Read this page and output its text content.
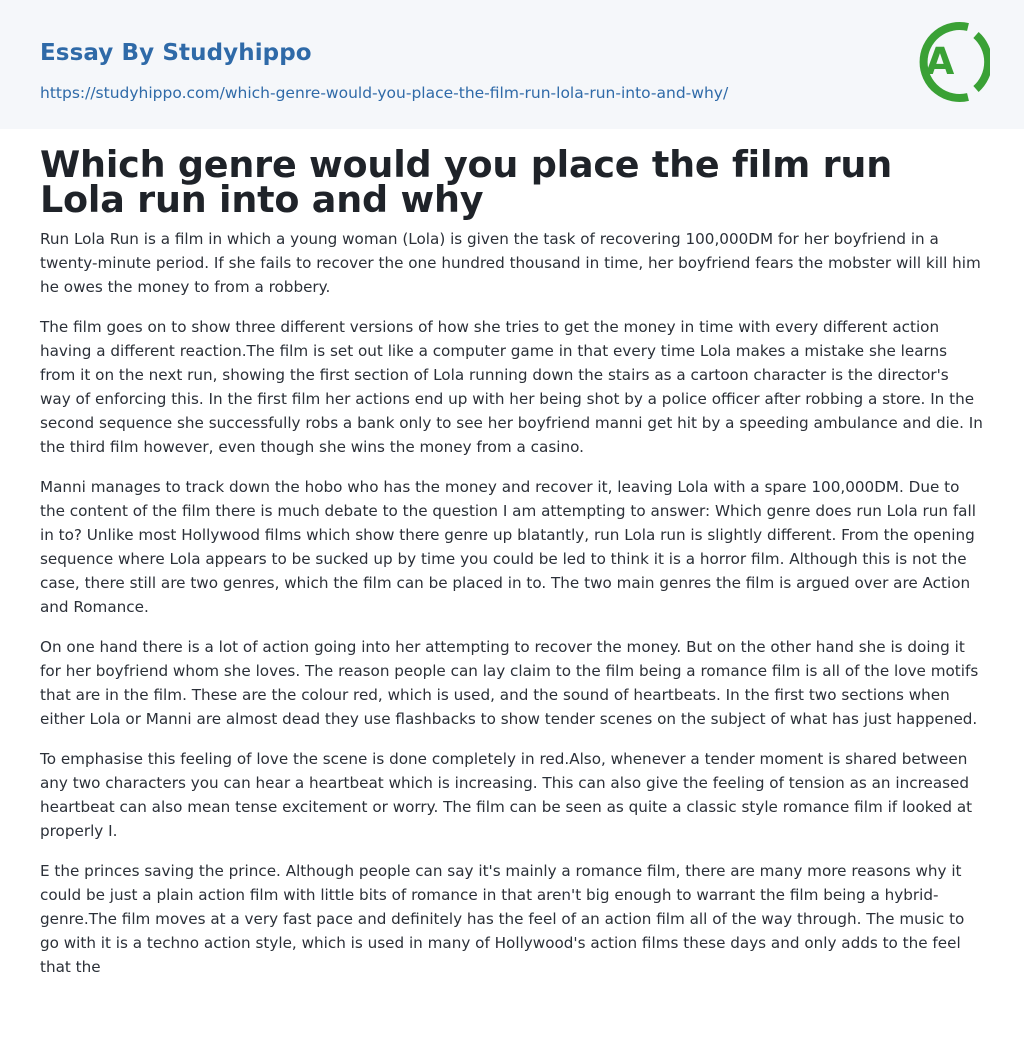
Essay By Studyhippo
https://studyhippo.com/which-genre-would-you-place-the-film-run-lola-run-into-and-why/
A
Which genre would you place the film run Lola run into and why

Run Lola Run is a film in which a young woman (Lola) is given the task of recovering 100,000DM for her boyfriend in a twenty-minute period. If she fails to recover the one hundred thousand in time, her boyfriend fears the mobster will kill him he owes the money to from a robbery.

The film goes on to show three different versions of how she tries to get the money in time with every different action having a different reaction.The film is set out like a computer game in that every time Lola makes a mistake she learns from it on the next run, showing the first section of Lola running down the stairs as a cartoon character is the director's way of enforcing this. In the first film her actions end up with her being shot by a police officer after robbing a store. In the second sequence she successfully robs a bank only to see her boyfriend manni get hit by a speeding ambulance and die. In the third film however, even though she wins the money from a casino.

Manni manages to track down the hobo who has the money and recover it, leaving Lola with a spare 100,000DM. Due to the content of the film there is much debate to the question I am attempting to answer: Which genre does run Lola run fall in to? Unlike most Hollywood films which show there genre up blatantly, run Lola run is slightly different. From the opening sequence where Lola appears to be sucked up by time you could be led to think it is a horror film. Although this is not the case, there still are two genres, which the film can be placed in to. The two main genres the film is argued over are Action and Romance.

On one hand there is a lot of action going into her attempting to recover the money. But on the other hand she is doing it for her boyfriend whom she loves. The reason people can lay claim to the film being a romance film is all of the love motifs that are in the film. These are the colour red, which is used, and the sound of heartbeats. In the first two sections when either Lola or Manni are almost dead they use flashbacks to show tender scenes on the subject of what has just happened.

To emphasise this feeling of love the scene is done completely in red.Also, whenever a tender moment is shared between any two characters you can hear a heartbeat which is increasing. This can also give the feeling of tension as an increased heartbeat can also mean tense excitement or worry. The film can be seen as quite a classic style romance film if looked at properly I.

E the princes saving the prince. Although people can say it's mainly a romance film, there are many more reasons why it could be just a plain action film with little bits of romance in that aren't big enough to warrant the film being a hybrid-genre.The film moves at a very fast pace and definitely has the feel of an action film all of the way through. The music to go with it is a techno action style, which is used in many of Hollywood's action films these days and only adds to the feel that the
